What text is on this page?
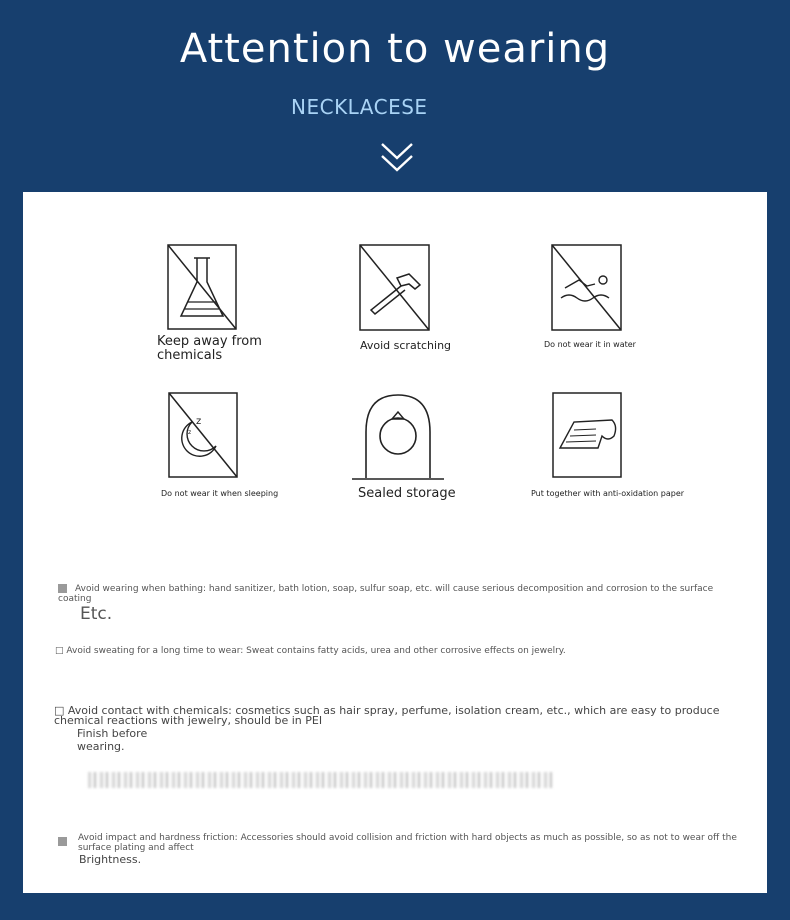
Attention to wearing
NECKLACESE
Keep away from chemicals
Avoid scratching	Do not wear it in water
z
z
Do not wear it when sleeping	Sealed storage	Put together with anti-oxidation paper
Avoid wearing when bathing: hand sanitizer, bath lotion, soap, sulfur soap, etc. will cause serious decomposition and corrosion to the surface coating
Etc.
□ Avoid sweating for a long time to wear: Sweat contains fatty acids, urea and other corrosive effects on jewelry.
□ Avoid contact with chemicals: cosmetics such as hair spray, perfume, isolation cream, etc., which are easy to produce chemical reactions with jewelry, should be in PEI
Finish before
wearing.
Avoid impact and hardness friction: Accessories should avoid collision and friction with hard objects as much as possible, so as not to wear off the surface plating and affect
Brightness.
